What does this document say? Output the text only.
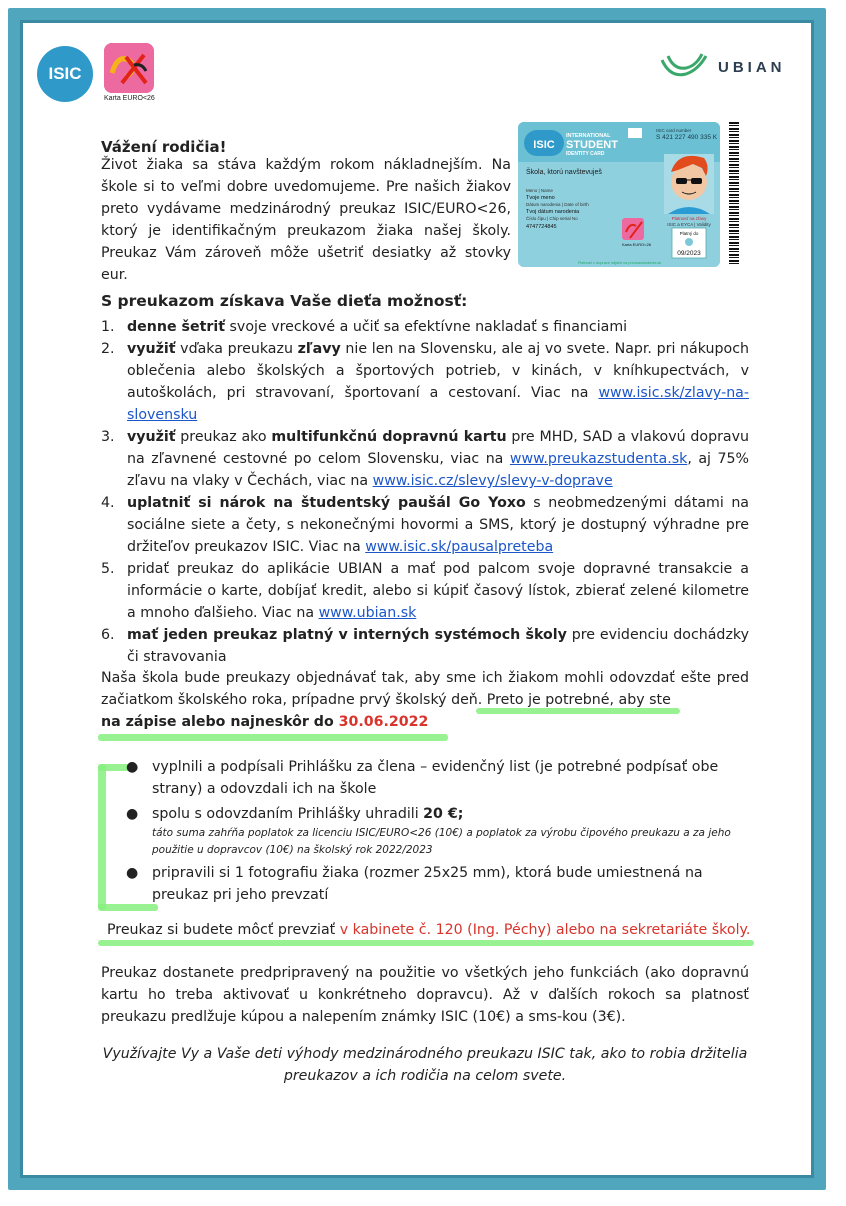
ISIC
Karta EURO<26
UBIAN
Vážení rodičia!
Život žiaka sa stáva každým rokom nákladnejším. Na škole si to veľmi dobre uvedomujeme. Pre našich žiakov preto vydávame medzinárodný preukaz ISIC/EURO<26, ktorý je identifikačným preukazom žiaka našej školy. Preukaz Vám zároveň môže ušetriť desiatky až stovky eur.
ISIC
INTERNATIONAL
STUDENT
IDENTITY CARD
ISIC card number
S 421 227 490 335 K
Škola, ktorú navštevuješ
Meno | Name
Tvoje meno
Dátum narodenia | Date of birth
Tvoj dátum narodenia
Číslo čipu | Chip serial No
4747724845
Karta EURO<26
Platnosť na zľavy
ISIC a EYCA | Validity
Platný do
09/2023
Platnosť v doprave nájdeš na preukazstudenta.sk
S preukazom získava Vaše dieťa možnosť:
1. denne šetriť svoje vreckové a učiť sa efektívne nakladať s financiami
2. využiť vďaka preukazu zľavy nie len na Slovensku, ale aj vo svete. Napr. pri nákupoch oblečenia alebo školských a športových potrieb, v kinách, v kníhkupectvách, v autoškolách, pri stravovaní, športovaní a cestovaní. Viac na www.isic.sk/zlavy-na-slovensku
3. využiť preukaz ako multifunkčnú dopravnú kartu pre MHD, SAD a vlakovú dopravu na zľavnené cestovné po celom Slovensku, viac na www.preukazstudenta.sk, aj 75% zľavu na vlaky v Čechách, viac na www.isic.cz/slevy/slevy-v-doprave
4. uplatniť si nárok na študentský paušál Go Yoxo s neobmedzenými dátami na sociálne siete a čety, s nekonečnými hovormi a SMS, ktorý je dostupný výhradne pre držiteľov preukazov ISIC. Viac na www.isic.sk/pausalpreteba
5. pridať preukaz do aplikácie UBIAN a mať pod palcom svoje dopravné transakcie a informácie o karte, dobíjať kredit, alebo si kúpiť časový lístok, zbierať zelené kilometre a mnoho ďalšieho. Viac na www.ubian.sk
6. mať jeden preukaz platný v interných systémoch školy pre evidenciu dochádzky či stravovania
Naša škola bude preukazy objednávať tak, aby sme ich žiakom mohli odovzdať ešte pred začiatkom školského roka, prípadne prvý školský deň. Preto je potrebné, aby ste
na zápise alebo najneskôr do 30.06.2022
● vyplnili a podpísali Prihlášku za člena – evidenčný list (je potrebné podpísať obe strany) a odovzdali ich na škole
● spolu s odovzdaním Prihlášky uhradili 20 €;
táto suma zahŕňa poplatok za licenciu ISIC/EURO<26 (10€) a poplatok za výrobu čipového preukazu a za jeho použitie u dopravcov (10€) na školský rok 2022/2023
● pripravili si 1 fotografiu žiaka (rozmer 25x25 mm), ktorá bude umiestnená na preukaz pri jeho prevzatí
Preukaz si budete môcť prevziať v kabinete č. 120 (Ing. Péchy) alebo na sekretariáte školy.
Preukaz dostanete predpripravený na použitie vo všetkých jeho funkciách (ako dopravnú kartu ho treba aktivovať u konkrétneho dopravcu). Až v ďalších rokoch sa platnosť preukazu predlžuje kúpou a nalepením známky ISIC (10€) a sms-kou (3€).
Využívajte Vy a Vaše deti výhody medzinárodného preukazu ISIC tak, ako to robia držitelia preukazov a ich rodičia na celom svete.
